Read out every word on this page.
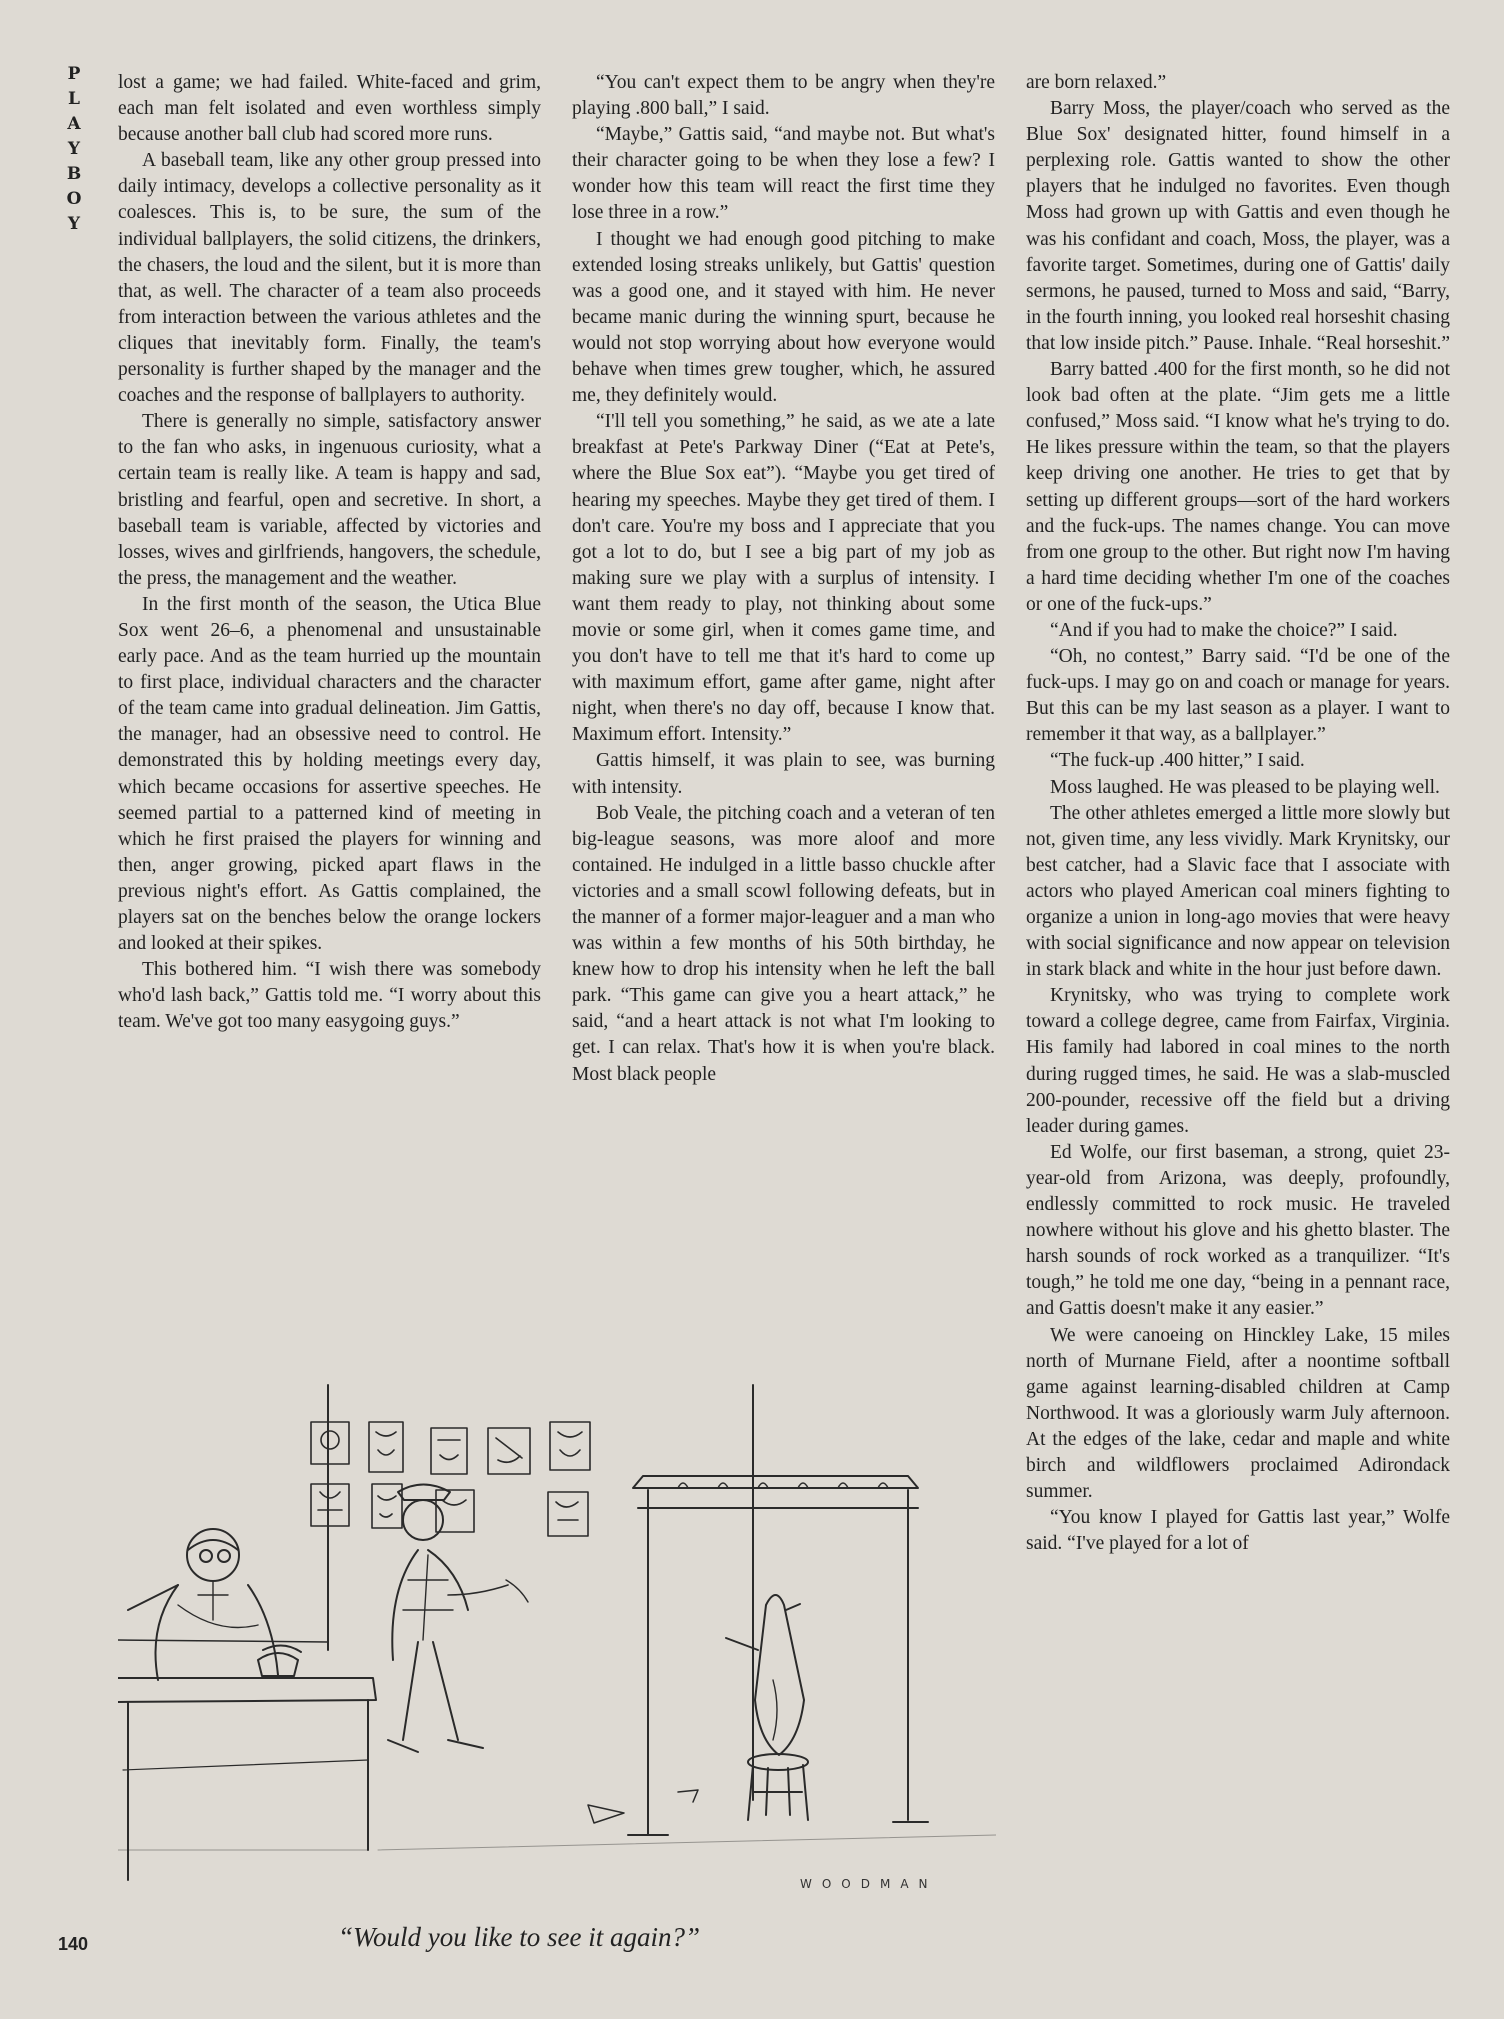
P
L
A
Y
B
O
Y

lost a game; we had failed. White-faced and grim, each man felt isolated and even worthless simply because another ball club had scored more runs.

A baseball team, like any other group pressed into daily intimacy, develops a collective personality as it coalesces. This is, to be sure, the sum of the individual ballplayers, the solid citizens, the drinkers, the chasers, the loud and the silent, but it is more than that, as well. The character of a team also proceeds from interaction between the various athletes and the cliques that inevitably form. Finally, the team's personality is further shaped by the manager and the coaches and the response of ballplayers to authority.

There is generally no simple, satisfactory answer to the fan who asks, in ingenuous curiosity, what a certain team is really like. A team is happy and sad, bristling and fearful, open and secretive. In short, a baseball team is variable, affected by victories and losses, wives and girlfriends, hangovers, the schedule, the press, the management and the weather.

In the first month of the season, the Utica Blue Sox went 26–6, a phenomenal and unsustainable early pace. And as the team hurried up the mountain to first place, individual characters and the character of the team came into gradual delineation. Jim Gattis, the manager, had an obsessive need to control. He demonstrated this by holding meetings every day, which became occasions for assertive speeches. He seemed partial to a patterned kind of meeting in which he first praised the players for winning and then, anger growing, picked apart flaws in the previous night's effort. As Gattis complained, the players sat on the benches below the orange lockers and looked at their spikes.

This bothered him. “I wish there was somebody who'd lash back,” Gattis told me. “I worry about this team. We've got too many easygoing guys.”

“You can't expect them to be angry when they're playing .800 ball,” I said.

“Maybe,” Gattis said, “and maybe not. But what's their character going to be when they lose a few? I wonder how this team will react the first time they lose three in a row.”

I thought we had enough good pitching to make extended losing streaks unlikely, but Gattis' question was a good one, and it stayed with him. He never became manic during the winning spurt, because he would not stop worrying about how everyone would behave when times grew tougher, which, he assured me, they definitely would.

“I'll tell you something,” he said, as we ate a late breakfast at Pete's Parkway Diner (“Eat at Pete's, where the Blue Sox eat”). “Maybe you get tired of hearing my speeches. Maybe they get tired of them. I don't care. You're my boss and I appreciate that you got a lot to do, but I see a big part of my job as making sure we play with a surplus of intensity. I want them ready to play, not thinking about some movie or some girl, when it comes game time, and you don't have to tell me that it's hard to come up with maximum effort, game after game, night after night, when there's no day off, because I know that. Maximum effort. Intensity.”

Gattis himself, it was plain to see, was burning with intensity.

Bob Veale, the pitching coach and a veteran of ten big-league seasons, was more aloof and more contained. He indulged in a little basso chuckle after victories and a small scowl following defeats, but in the manner of a former major-leaguer and a man who was within a few months of his 50th birthday, he knew how to drop his intensity when he left the ball park. “This game can give you a heart attack,” he said, “and a heart attack is not what I'm looking to get. I can relax. That's how it is when you're black. Most black people

are born relaxed.”

Barry Moss, the player/coach who served as the Blue Sox' designated hitter, found himself in a perplexing role. Gattis wanted to show the other players that he indulged no favorites. Even though Moss had grown up with Gattis and even though he was his confidant and coach, Moss, the player, was a favorite target. Sometimes, during one of Gattis' daily sermons, he paused, turned to Moss and said, “Barry, in the fourth inning, you looked real horseshit chasing that low inside pitch.” Pause. Inhale. “Real horseshit.”

Barry batted .400 for the first month, so he did not look bad often at the plate. “Jim gets me a little confused,” Moss said. “I know what he's trying to do. He likes pressure within the team, so that the players keep driving one another. He tries to get that by setting up different groups—sort of the hard workers and the fuck-ups. The names change. You can move from one group to the other. But right now I'm having a hard time deciding whether I'm one of the coaches or one of the fuck-ups.”

“And if you had to make the choice?” I said.

“Oh, no contest,” Barry said. “I'd be one of the fuck-ups. I may go on and coach or manage for years. But this can be my last season as a player. I want to remember it that way, as a ballplayer.”

“The fuck-up .400 hitter,” I said.

Moss laughed. He was pleased to be playing well.

The other athletes emerged a little more slowly but not, given time, any less vividly. Mark Krynitsky, our best catcher, had a Slavic face that I associate with actors who played American coal miners fighting to organize a union in long-ago movies that were heavy with social significance and now appear on television in stark black and white in the hour just before dawn.

Krynitsky, who was trying to complete work toward a college degree, came from Fairfax, Virginia. His family had labored in coal mines to the north during rugged times, he said. He was a slab-muscled 200-pounder, recessive off the field but a driving leader during games.

Ed Wolfe, our first baseman, a strong, quiet 23-year-old from Arizona, was deeply, profoundly, endlessly committed to rock music. He traveled nowhere without his glove and his ghetto blaster. The harsh sounds of rock worked as a tranquilizer. “It's tough,” he told me one day, “being in a pennant race, and Gattis doesn't make it any easier.”

We were canoeing on Hinckley Lake, 15 miles north of Murnane Field, after a noontime softball game against learning-disabled children at Camp Northwood. It was a gloriously warm July afternoon. At the edges of the lake, cedar and maple and white birch and wildflowers proclaimed Adirondack summer.

“You know I played for Gattis last year,” Wolfe said. “I've played for a lot of

WOODMAN
“Would you like to see it again?”
140
